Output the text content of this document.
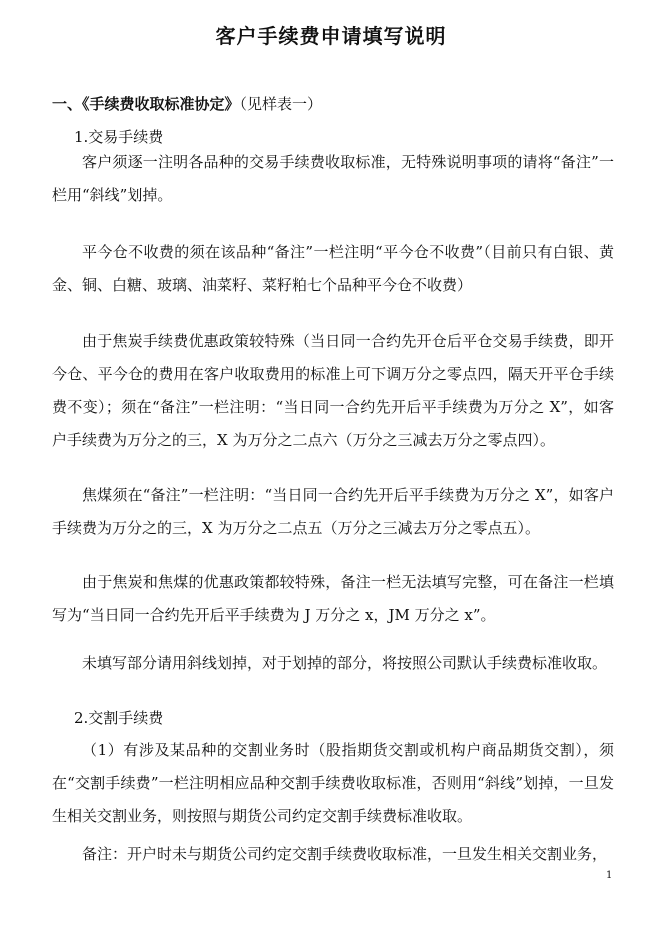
客户手续费申请填写说明
一、《手续费收取标准协定》（见样表一）
1.交易手续费

客户须逐一注明各品种的交易手续费收取标准，无特殊说明事项的请将“备注”一栏用“斜线”划掉。

平今仓不收费的须在该品种“备注”一栏注明“平今仓不收费”（目前只有白银、黄金、铜、白糖、玻璃、油菜籽、菜籽粕七个品种平今仓不收费）

由于焦炭手续费优惠政策较特殊（当日同一合约先开仓后平仓交易手续费，即开今仓、平今仓的费用在客户收取费用的标准上可下调万分之零点四，隔天开平仓手续费不变）；须在“备注”一栏注明：“当日同一合约先开后平手续费为万分之 X”，如客户手续费为万分之的三，X 为万分之二点六（万分之三减去万分之零点四）。

焦煤须在“备注”一栏注明：“当日同一合约先开后平手续费为万分之 X”，如客户手续费为万分之的三，X 为万分之二点五（万分之三减去万分之零点五）。

由于焦炭和焦煤的优惠政策都较特殊，备注一栏无法填写完整，可在备注一栏填写为“当日同一合约先开后平手续费为 J 万分之 x，JM 万分之 x”。

未填写部分请用斜线划掉，对于划掉的部分，将按照公司默认手续费标准收取。

2.交割手续费

（1）有涉及某品种的交割业务时（股指期货交割或机构户商品期货交割），须在“交割手续费”一栏注明相应品种交割手续费收取标准，否则用“斜线”划掉，一旦发生相关交割业务，则按照与期货公司约定交割手续费标准收取。

备注：开户时未与期货公司约定交割手续费收取标准，一旦发生相关交割业务，

1
